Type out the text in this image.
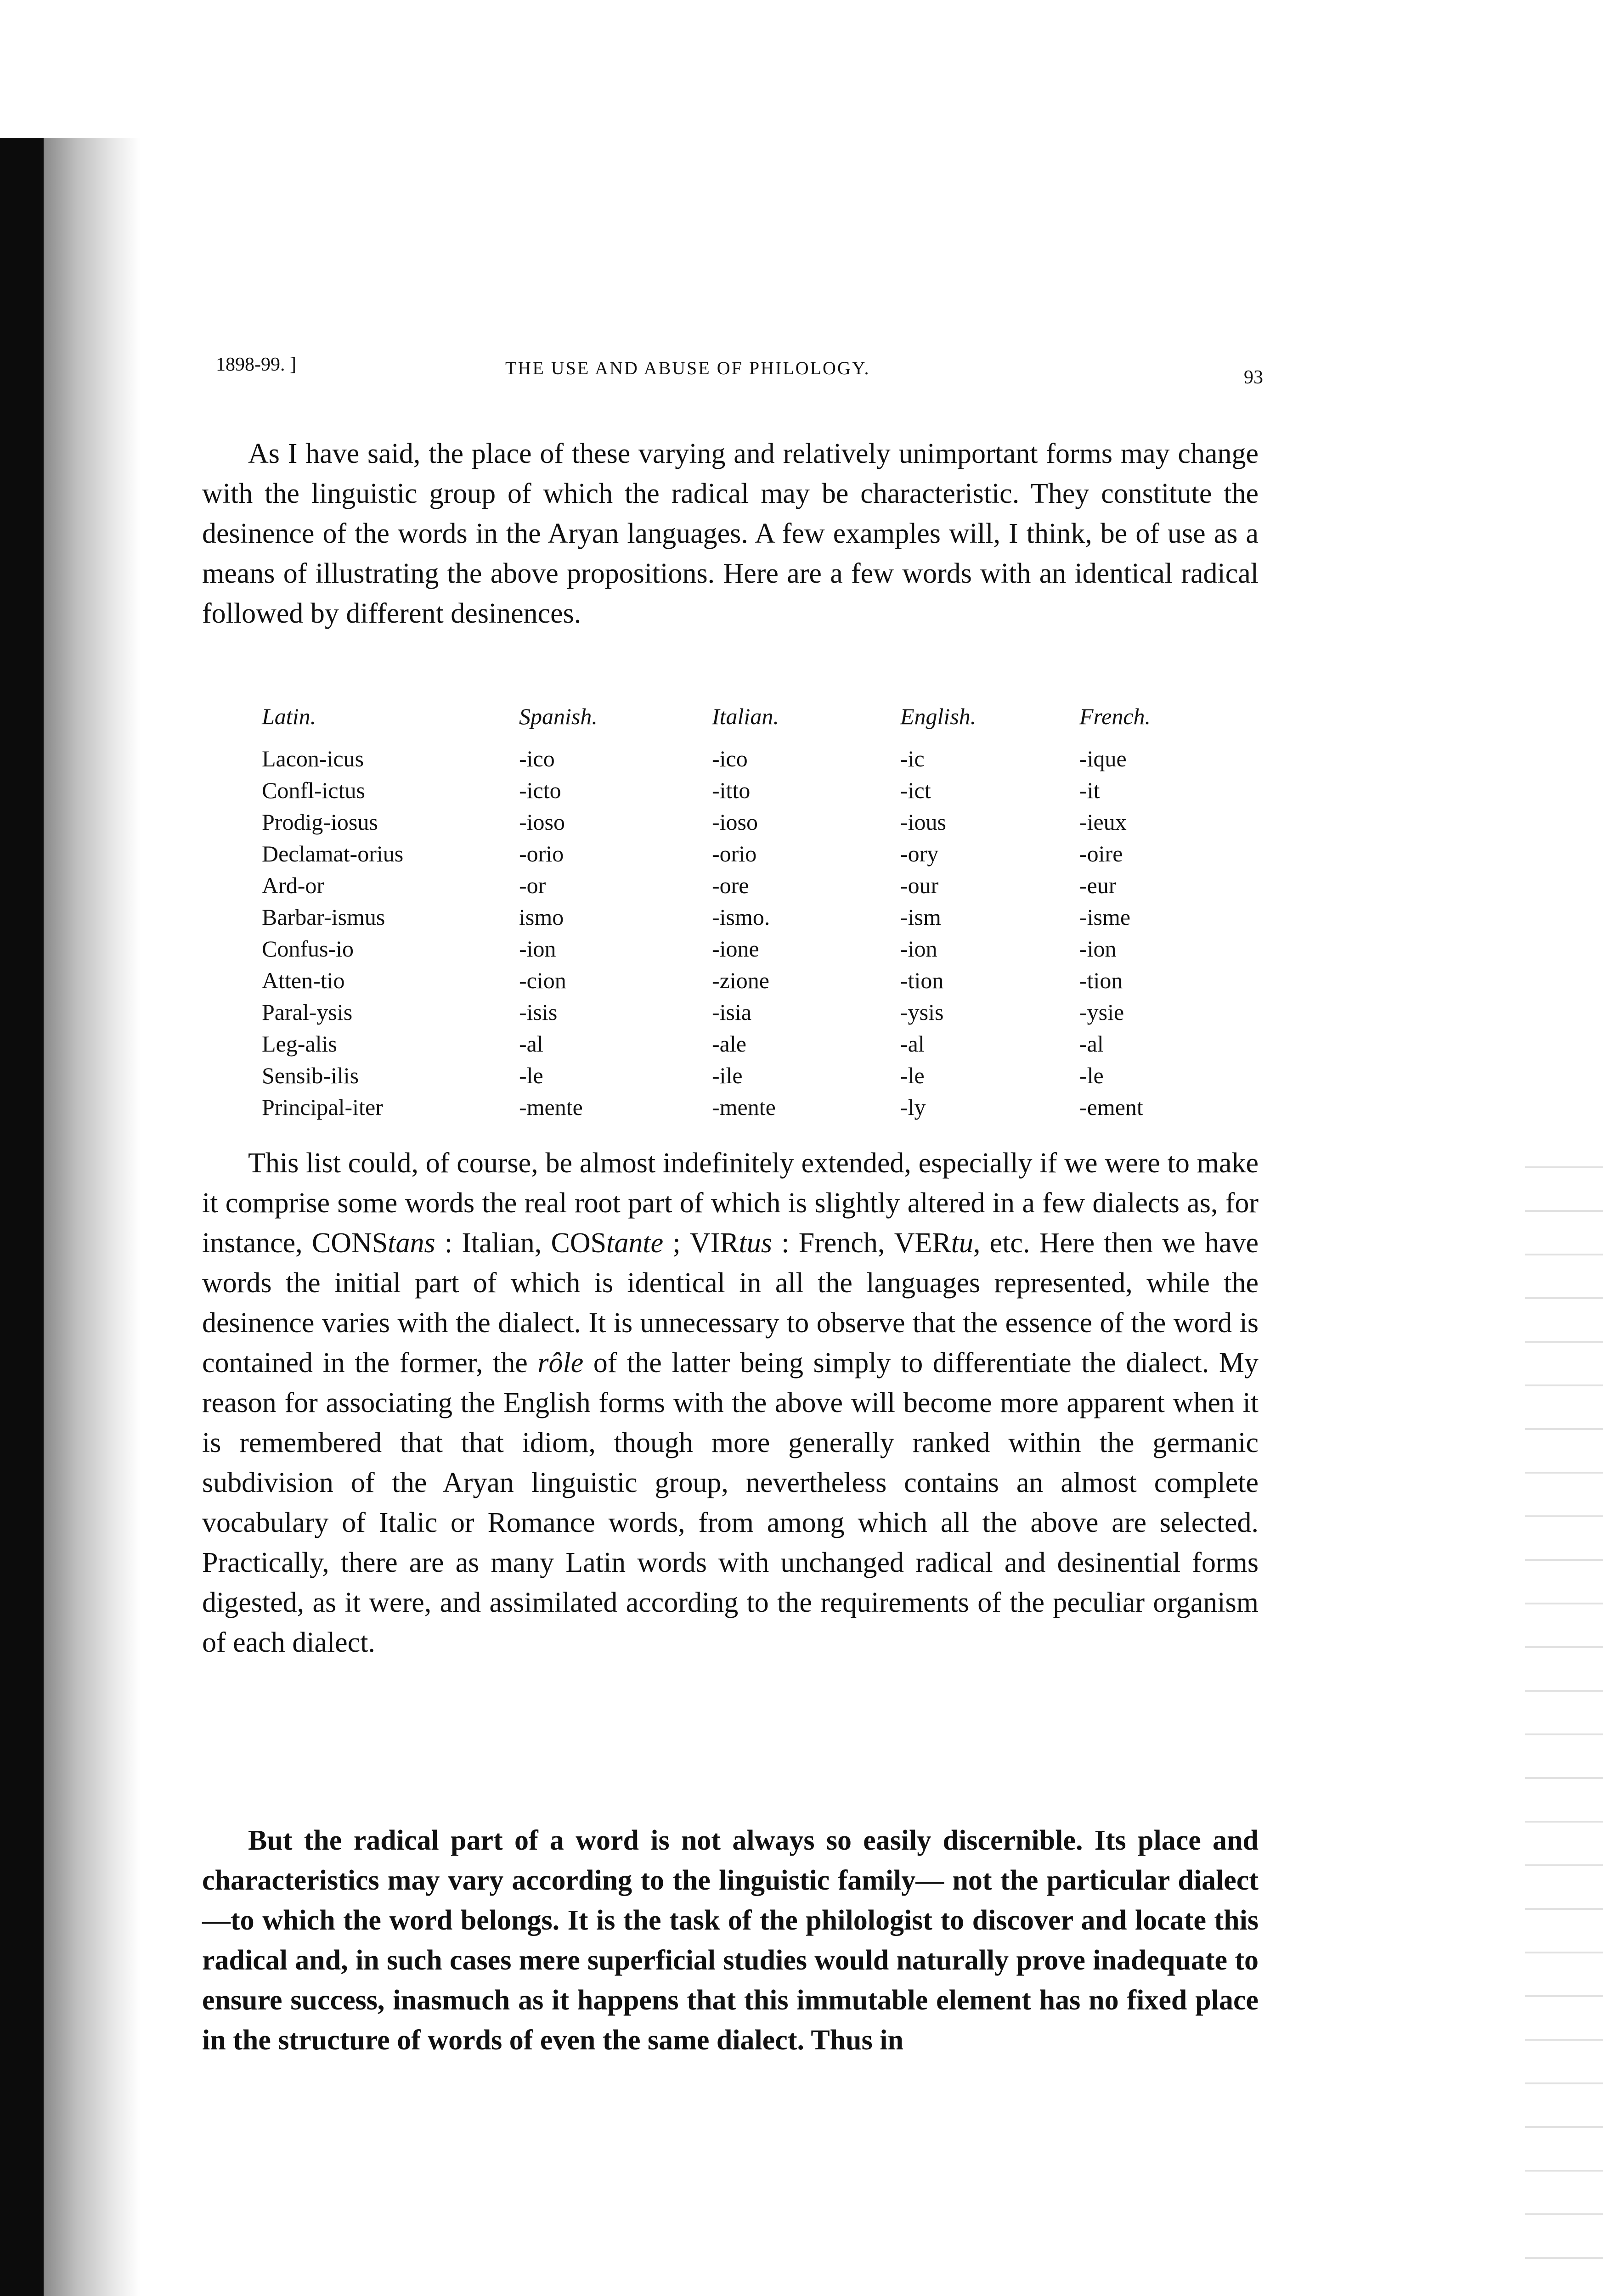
1898-99. ]	THE USE AND ABUSE OF PHILOLOGY.	93

As I have said, the place of these varying and relatively unimportant forms may change with the linguistic group of which the radical may be characteristic. They constitute the desinence of the words in the Aryan languages. A few examples will, I think, be of use as a means of illustrating the above propositions. Here are a few words with an identical radical followed by different desinences.

Latin.	Spanish.	Italian.	English.	French.
Lacon-icus	-ico	-ico	-ic	-ique
Confl-ictus	-icto	-itto	-ict	-it
Prodig-iosus	-ioso	-ioso	-ious	-ieux
Declamat-orius	-orio	-orio	-ory	-oire
Ard-or	-or	-ore	-our	-eur
Barbar-ismus	ismo	-ismo.	-ism	-isme
Confus-io	-ion	-ione	-ion	-ion
Atten-tio	-cion	-zione	-tion	-tion
Paral-ysis	-isis	-isia	-ysis	-ysie
Leg-alis	-al	-ale	-al	-al
Sensib-ilis	-le	-ile	-le	-le
Principal-iter	-mente	-mente	-ly	-ement

This list could, of course, be almost indefinitely extended, especially if we were to make it comprise some words the real root part of which is slightly altered in a few dialects as, for instance, CONStans : Italian, COStante ; VIRtus : French, VERtu, etc. Here then we have words the initial part of which is identical in all the languages represented, while the desinence varies with the dialect. It is unnecessary to observe that the essence of the word is contained in the former, the rôle of the latter being simply to differentiate the dialect. My reason for associating the English forms with the above will become more apparent when it is remembered that that idiom, though more generally ranked within the germanic subdivision of the Aryan linguistic group, nevertheless contains an almost complete vocabulary of Italic or Romance words, from among which all the above are selected. Practically, there are as many Latin words with unchanged radical and desinential forms digested, as it were, and assimilated according to the requirements of the peculiar organism of each dialect.

But the radical part of a word is not always so easily discernible. Its place and characteristics may vary according to the linguistic family— not the particular dialect—to which the word belongs. It is the task of the philologist to discover and locate this radical and, in such cases mere superficial studies would naturally prove inadequate to ensure success, inasmuch as it happens that this immutable element has no fixed place in the structure of words of even the same dialect. Thus in
